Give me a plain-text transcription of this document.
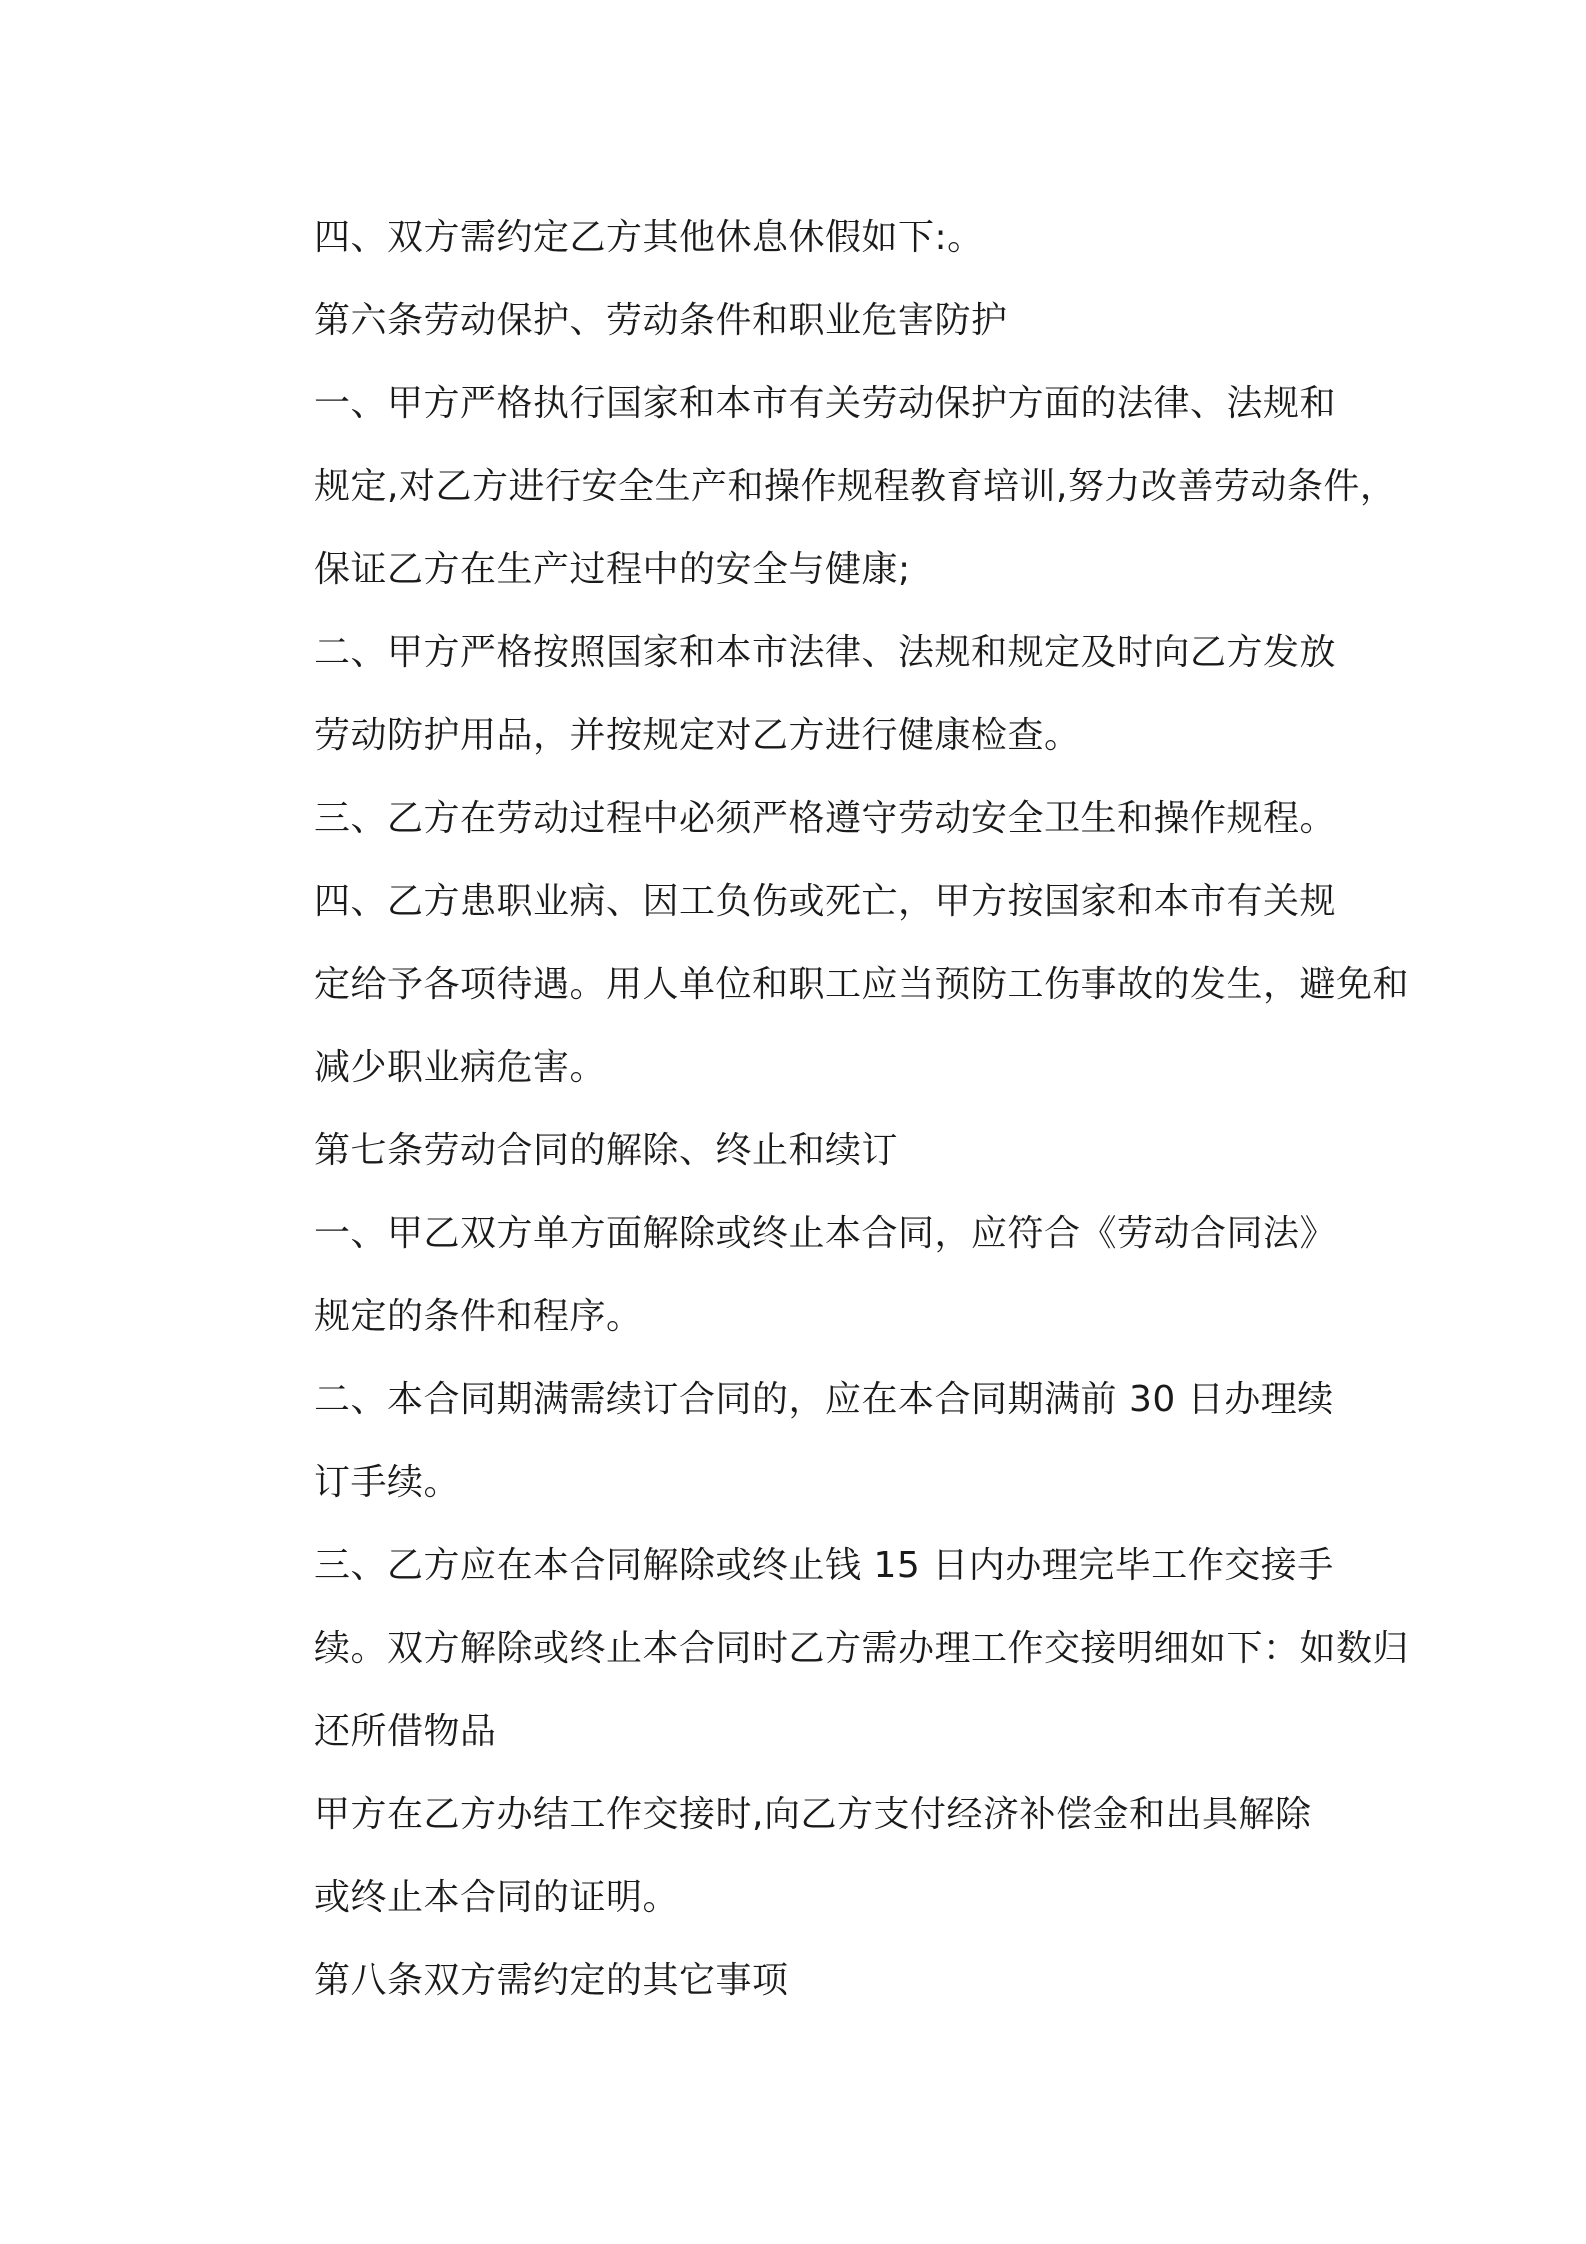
四、双方需约定乙方其他休息休假如下:。

第六条劳动保护、劳动条件和职业危害防护

一、甲方严格执行国家和本市有关劳动保护方面的法律、法规和
规定,对乙方进行安全生产和操作规程教育培训,努力改善劳动条件，
保证乙方在生产过程中的安全与健康;

二、甲方严格按照国家和本市法律、法规和规定及时向乙方发放
劳动防护用品，并按规定对乙方进行健康检查。

三、乙方在劳动过程中必须严格遵守劳动安全卫生和操作规程。

四、乙方患职业病、因工负伤或死亡，甲方按国家和本市有关规
定给予各项待遇。用人单位和职工应当预防工伤事故的发生，避免和
减少职业病危害。

第七条劳动合同的解除、终止和续订

一、甲乙双方单方面解除或终止本合同，应符合《劳动合同法》
规定的条件和程序。

二、本合同期满需续订合同的，应在本合同期满前 30 日办理续
订手续。

三、乙方应在本合同解除或终止钱 15 日内办理完毕工作交接手
续。双方解除或终止本合同时乙方需办理工作交接明细如下：如数归
还所借物品

甲方在乙方办结工作交接时,向乙方支付经济补偿金和出具解除
或终止本合同的证明。

第八条双方需约定的其它事项
